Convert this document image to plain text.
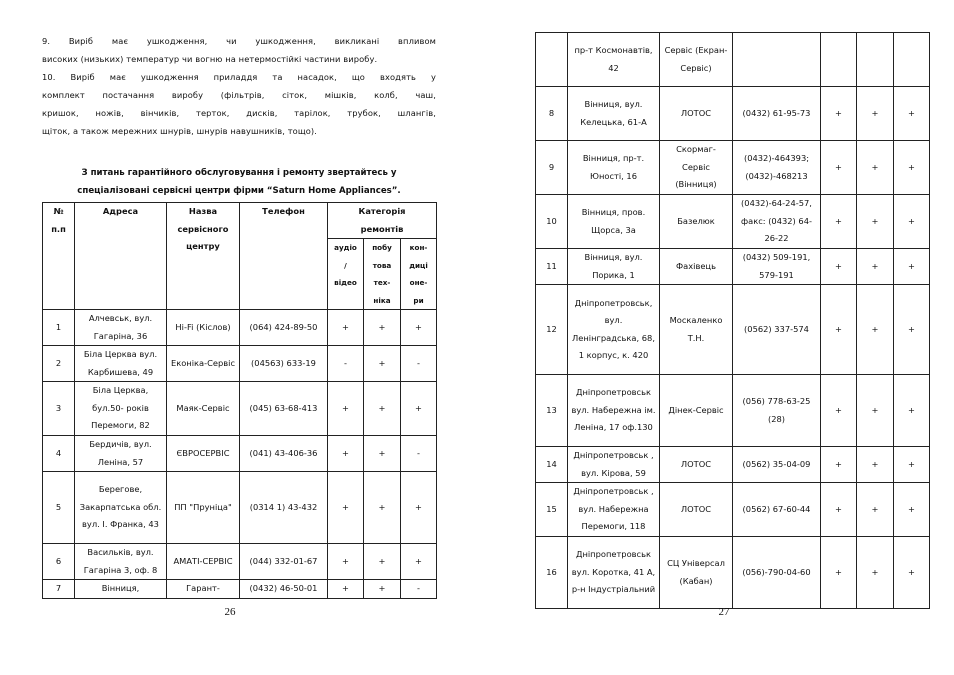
9. Виріб має ушкодження, чи ушкодження, викликані впливом

високих (низьких) температур чи вогню на нетермостійкі частини виробу.

10. Виріб має ушкодження приладдя та насадок, що входять у

комплект постачання виробу (фільтрів, сіток, мішків, колб, чаш,

кришок, ножів, вінчиків, терток, дисків, тарілок, трубок, шлангів,

щіток, а також мережних шнурів, шнурів навушників, тощо).

З питань гарантійного обслуговування і ремонту звертайтесь у

спеціалізовані сервісні центри фірми “Saturn Home Appliances”.

№ п.п	Адреса	Назва сервісного центру	Телефон	Категорія ремонтів		

				аудіо / відео	побу това тех- ніка	кон- диці оне- ри

1	Алчевськ, вул. Гагаріна, 36	Hi-Fi (Кіслов)	(064) 424-89-50	+	+	+
2	Біла Церква вул. Карбишева, 49	Еконіка-Сервіс	(04563) 633-19	-	+	-
3	Біла Церква, бул.50- років Перемоги, 82	Маяк-Сервіс	(045) 63-68-413	+	+	+
4	Бердичів, вул. Леніна, 57	ЄВРОСЕРВІС	(041) 43-406-36	+	+	-
5	Берегове, Закарпатська обл. вул. І. Франка, 43	ПП "Пруніца"	(0314 1) 43-432	+	+	+
6	Васильків, вул. Гагаріна 3, оф. 8	АМАТІ-СЕРВІС	(044) 332-01-67	+	+	+
7	Вінниця,	Гарант-	(0432) 46-50-01	+	+	-
26
	пр-т Космонавтів, 42	Сервіс (Екран-Сервіс)				
8	Вінниця, вул. Келецька, 61-А	ЛОТОС	(0432) 61-95-73	+	+	+
9	Вінниця, пр-т. Юності, 16	Скормаг-Сервіс (Вінниця)	(0432)-464393; (0432)-468213	+	+	+
10	Вінниця, пров. Щорса, 3а	Базелюк	(0432)-64-24-57, факс: (0432) 64-26-22	+	+	+
11	Вінниця, вул. Порика, 1	Фахівець	(0432) 509-191, 579-191	+	+	+
12	Дніпропетровськ, вул. Ленінградська, 68, 1 корпус, к. 420	Москаленко Т.Н.	(0562) 337-574	+	+	+
13	Дніпропетровськ вул. Набережна ім. Леніна, 17 оф.130	Дінек-Сервіс	(056) 778-63-25 (28)	+	+	+
14	Дніпропетровськ , вул. Кірова, 59	ЛОТОС	(0562) 35-04-09	+	+	+
15	Дніпропетровськ , вул. Набережна Перемоги, 118	ЛОТОС	(0562) 67-60-44	+	+	+
16	Дніпропетровськ вул. Коротка, 41 А, р-н Індустріальний	СЦ Універсал (Кабан)	(056)-790-04-60	+	+	+
27
